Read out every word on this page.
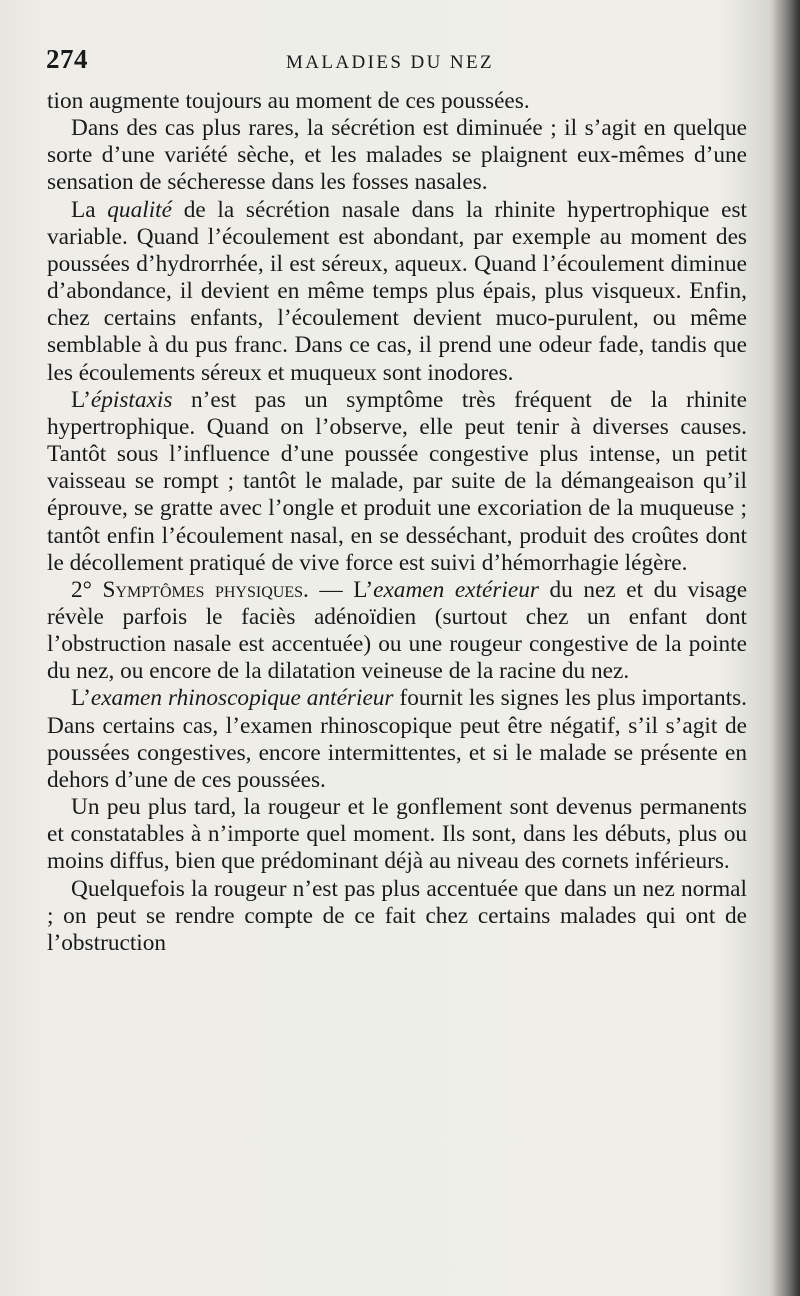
274	MALADIES DU NEZ

tion augmente toujours au moment de ces poussées.

Dans des cas plus rares, la sécrétion est diminuée ; il s’agit en quelque sorte d’une variété sèche, et les malades se plaignent eux-mêmes d’une sensation de sécheresse dans les fosses nasales.

La qualité de la sécrétion nasale dans la rhinite hypertrophique est variable. Quand l’écoulement est abondant, par exemple au moment des poussées d’hydrorrhée, il est séreux, aqueux. Quand l’écoulement diminue d’abondance, il devient en même temps plus épais, plus visqueux. Enfin, chez certains enfants, l’écoulement devient muco-purulent, ou même semblable à du pus franc. Dans ce cas, il prend une odeur fade, tandis que les écoulements séreux et muqueux sont inodores.

L’épistaxis n’est pas un symptôme très fréquent de la rhinite hypertrophique. Quand on l’observe, elle peut tenir à diverses causes. Tantôt sous l’influence d’une poussée congestive plus intense, un petit vaisseau se rompt ; tantôt le malade, par suite de la démangeaison qu’il éprouve, se gratte avec l’ongle et produit une excoriation de la muqueuse ; tantôt enfin l’écoulement nasal, en se desséchant, produit des croûtes dont le décollement pratiqué de vive force est suivi d’hémorrhagie légère.

2° Symptômes physiques. — L’examen extérieur du nez et du visage révèle parfois le faciès adénoïdien (surtout chez un enfant dont l’obstruction nasale est accentuée) ou une rougeur congestive de la pointe du nez, ou encore de la dilatation veineuse de la racine du nez.

L’examen rhinoscopique antérieur fournit les signes les plus importants. Dans certains cas, l’examen rhinoscopique peut être négatif, s’il s’agit de poussées congestives, encore intermittentes, et si le malade se présente en dehors d’une de ces poussées.

Un peu plus tard, la rougeur et le gonflement sont devenus permanents et constatables à n’importe quel moment. Ils sont, dans les débuts, plus ou moins diffus, bien que prédominant déjà au niveau des cornets inférieurs.

Quelquefois la rougeur n’est pas plus accentuée que dans un nez normal ; on peut se rendre compte de ce fait chez certains malades qui ont de l’obstruction
